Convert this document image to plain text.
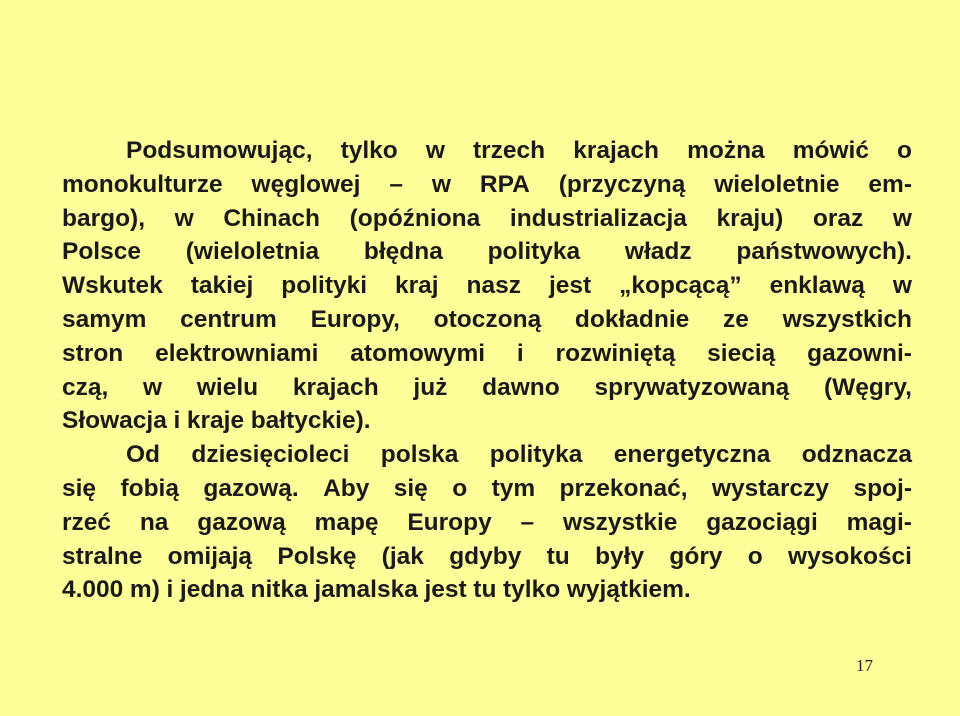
Podsumowując, tylko w trzech krajach można mówić o
monokulturze węglowej – w RPA (przyczyną wieloletnie em-
bargo), w Chinach (opóźniona industrializacja kraju) oraz w
Polsce (wieloletnia błędna polityka władz państwowych).
Wskutek takiej polityki kraj nasz jest „kopcącą” enklawą w
samym centrum Europy, otoczoną dokładnie ze wszystkich
stron elektrowniami atomowymi i rozwiniętą siecią gazowni-
czą, w wielu krajach już dawno sprywatyzowaną (Węgry,
Słowacja i kraje bałtyckie).
Od dziesięcioleci polska polityka energetyczna odznacza
się fobią gazową. Aby się o tym przekonać, wystarczy spoj-
rzeć na gazową mapę Europy – wszystkie gazociągi magi-
stralne omijają Polskę (jak gdyby tu były góry o wysokości
4.000 m) i jedna nitka jamalska jest tu tylko wyjątkiem.
17
